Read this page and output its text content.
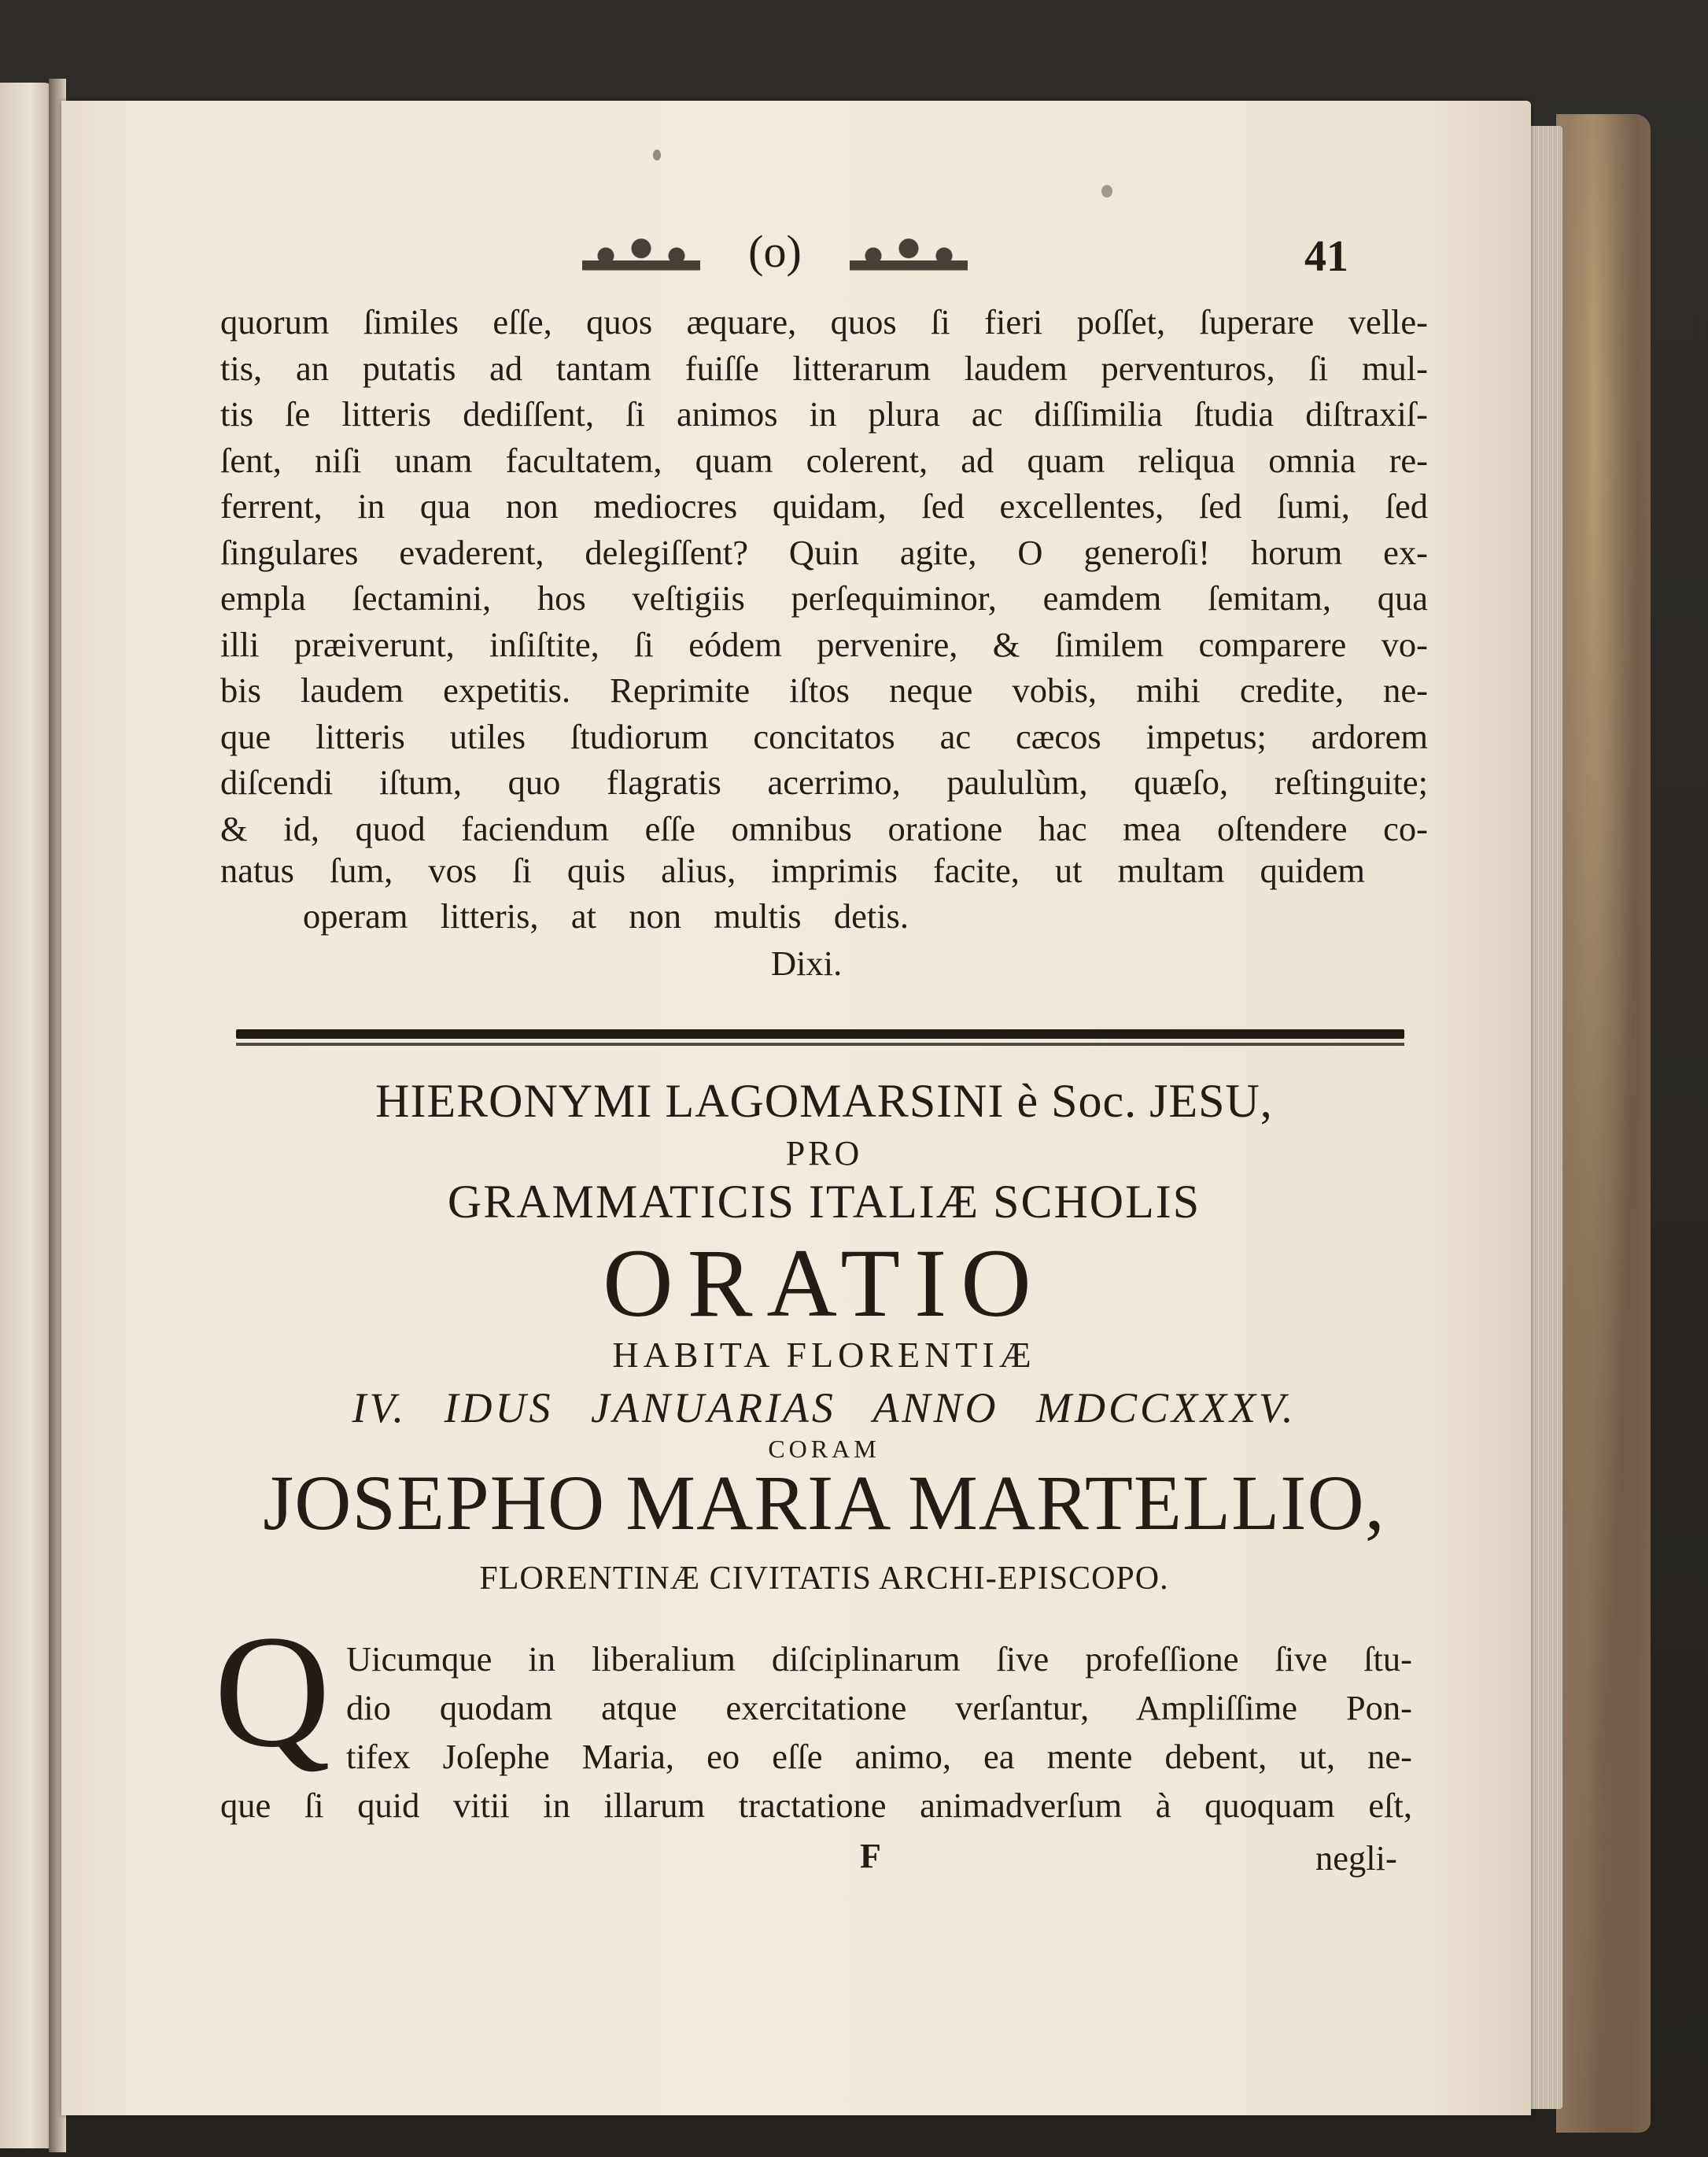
(o)	41
quorum ſimiles eſſe, quos æquare, quos ſi fieri poſſet, ſuperare velle-
tis, an putatis ad tantam fuiſſe litterarum laudem perventuros, ſi mul-
tis ſe litteris dediſſent, ſi animos in plura ac diſſimilia ſtudia diſtraxiſ-
ſent, niſi unam facultatem, quam colerent, ad quam reliqua omnia re-
ferrent, in qua non mediocres quidam, ſed excellentes, ſed ſumi, ſed
ſingulares evaderent, delegiſſent? Quin agite, O generoſi! horum ex-
empla ſectamini, hos veſtigiis perſequiminor, eamdem ſemitam, qua
illi præiverunt, inſiſtite, ſi eódem pervenire, & ſimilem comparere vo-
bis laudem expetitis. Reprimite iſtos neque vobis, mihi credite, ne-
que litteris utiles ſtudiorum concitatos ac cæcos impetus; ardorem
diſcendi iſtum, quo flagratis acerrimo, paululùm, quæſo, reſtinguite;
& id, quod faciendum eſſe omnibus oratione hac mea oſtendere co-
natus ſum, vos ſi quis alius, imprimis facite, ut multam quidem
operam litteris, at non multis detis.
Dixi.
HIERONYMI LAGOMARSINI è Soc. JESU,
PRO
GRAMMATICIS ITALIÆ SCHOLIS
ORATIO
HABITA FLORENTIÆ
IV. IDUS JANUARIAS ANNO MDCCXXXV.
CORAM
JOSEPHO MARIA MARTELLIO,
FLORENTINÆ CIVITATIS ARCHI-EPISCOPO.
Q Uicumque in liberalium diſciplinarum ſive profeſſione ſive ſtu-
dio quodam atque exercitatione verſantur, Ampliſſime Pon-
tifex Joſephe Maria, eo eſſe animo, ea mente debent, ut, ne-
que ſi quid vitii in illarum tractatione animadverſum à quoquam eſt,
F	negli-
